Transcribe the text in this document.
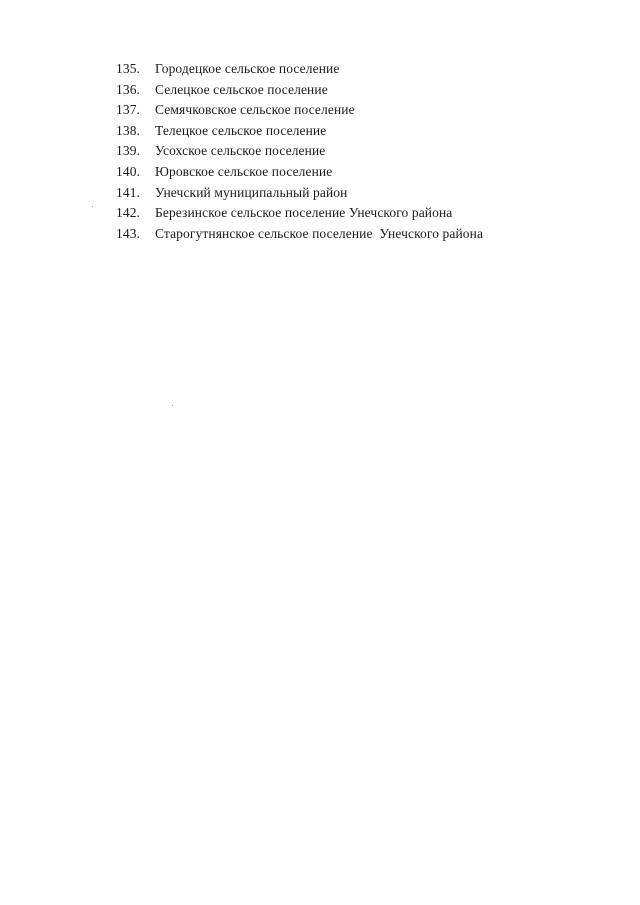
135.	Городецкое сельское поселение
136.	Селецкое сельское поселение
137.	Семячковское сельское поселение
138.	Телецкое сельское поселение
139.	Усохское сельское поселение
140.	Юровское сельское поселение
141.	Унечский муниципальный район
142.	Березинское сельское поселение Унечского района
143.	Старогутнянское сельское поселение  Унечского района
